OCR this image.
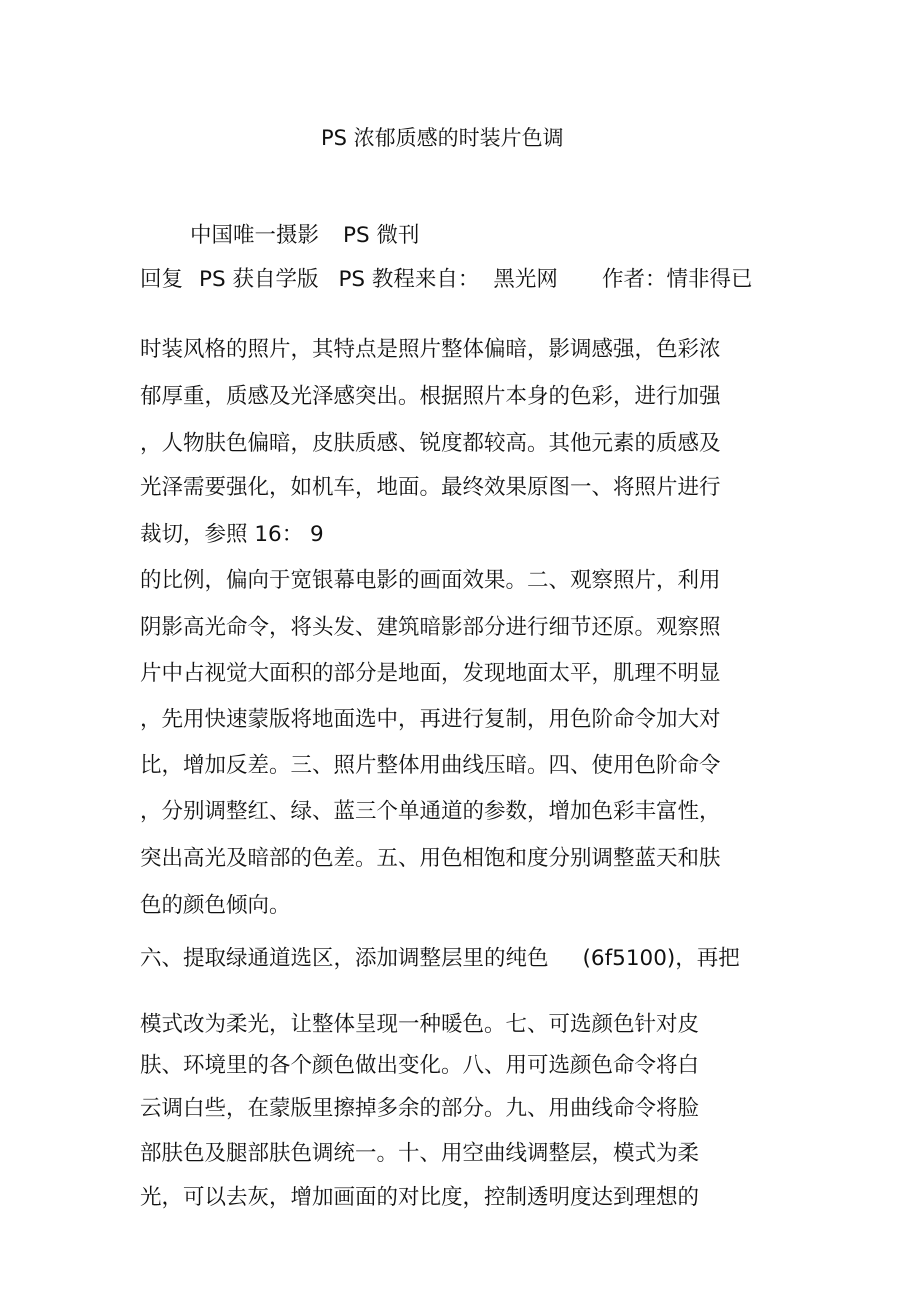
PS 浓郁质感的时装片色调

中国唯一摄影 PS 微刊

回复 PS 获自学版 PS 教程来自： 黑光网 作者：情非得已

时装风格的照片，其特点是照片整体偏暗，影调感强，色彩浓

郁厚重，质感及光泽感突出。根据照片本身的色彩，进行加强

，人物肤色偏暗，皮肤质感、锐度都较高。其他元素的质感及

光泽需要强化，如机车，地面。最终效果原图一、将照片进行

裁切，参照 16： 9

的比例，偏向于宽银幕电影的画面效果。二、观察照片，利用

阴影高光命令，将头发、建筑暗影部分进行细节还原。观察照

片中占视觉大面积的部分是地面，发现地面太平，肌理不明显

，先用快速蒙版将地面选中，再进行复制，用色阶命令加大对

比，增加反差。三、照片整体用曲线压暗。四、使用色阶命令

，分别调整红、绿、蓝三个单通道的参数，增加色彩丰富性，

突出高光及暗部的色差。五、用色相饱和度分别调整蓝天和肤

色的颜色倾向。

六、提取绿通道选区，添加调整层里的纯色 (6f5100)，再把

模式改为柔光，让整体呈现一种暖色。七、可选颜色针对皮

肤、环境里的各个颜色做出变化。八、用可选颜色命令将白

云调白些，在蒙版里擦掉多余的部分。九、用曲线命令将脸

部肤色及腿部肤色调统一。十、用空曲线调整层，模式为柔

光，可以去灰，增加画面的对比度，控制透明度达到理想的
